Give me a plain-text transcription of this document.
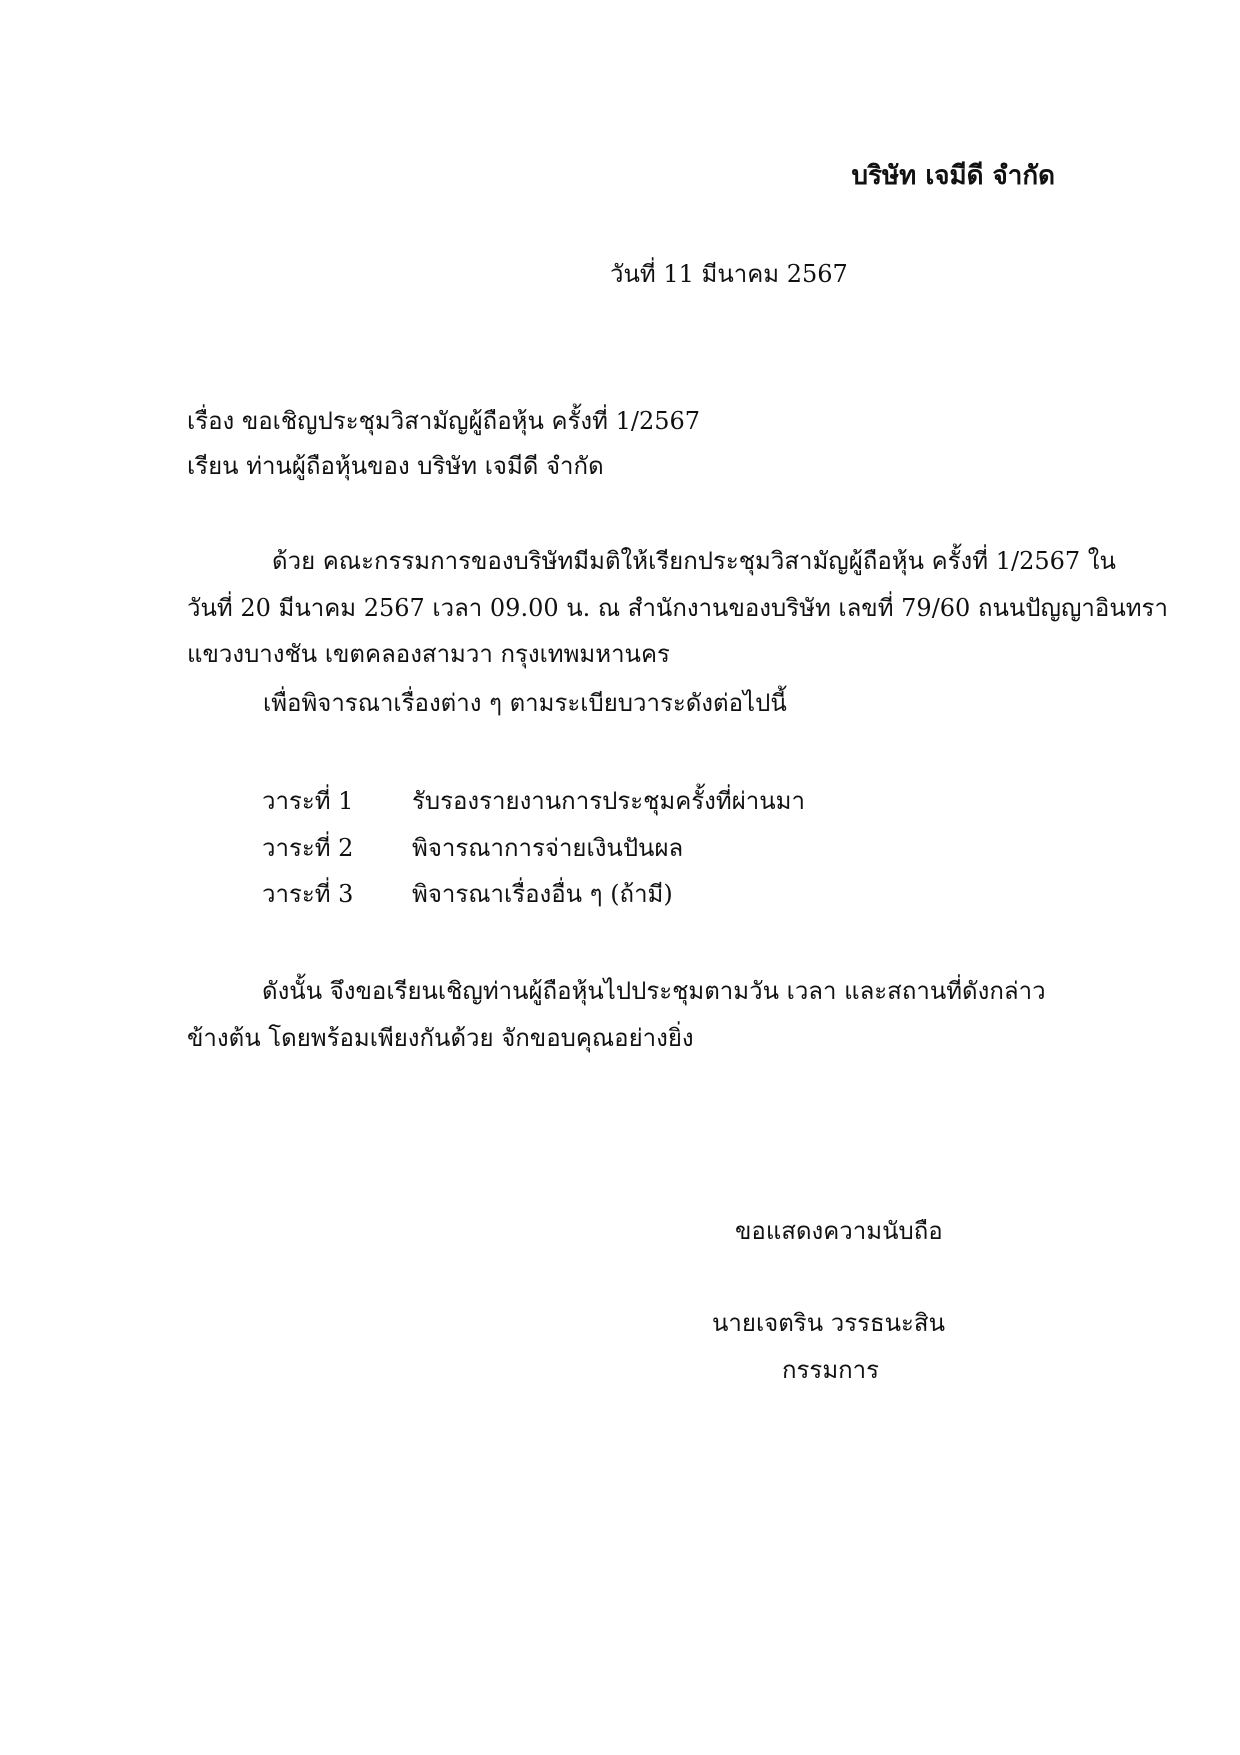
บริษัท เจมีดี จำกัด
วันที่ 11 มีนาคม 2567
เรื่อง ขอเชิญประชุมวิสามัญผู้ถือหุ้น ครั้งที่ 1/2567
เรียน ท่านผู้ถือหุ้นของ บริษัท เจมีดี จำกัด
ด้วย คณะกรรมการของบริษัทมีมติให้เรียกประชุมวิสามัญผู้ถือหุ้น ครั้งที่ 1/2567 ใน
วันที่ 20 มีนาคม 2567 เวลา 09.00 น. ณ สำนักงานของบริษัท เลขที่ 79/60 ถนนปัญญาอินทรา
แขวงบางชัน เขตคลองสามวา กรุงเทพมหานคร
เพื่อพิจารณาเรื่องต่าง ๆ ตามระเบียบวาระดังต่อไปนี้
วาระที่ 1 รับรองรายงานการประชุมครั้งที่ผ่านมา
วาระที่ 2 พิจารณาการจ่ายเงินปันผล
วาระที่ 3 พิจารณาเรื่องอื่น ๆ (ถ้ามี)
ดังนั้น จึงขอเรียนเชิญท่านผู้ถือหุ้นไปประชุมตามวัน เวลา และสถานที่ดังกล่าว
ข้างต้น โดยพร้อมเพียงกันด้วย จักขอบคุณอย่างยิ่ง
ขอแสดงความนับถือ
นายเจตริน วรรธนะสิน
กรรมการ
